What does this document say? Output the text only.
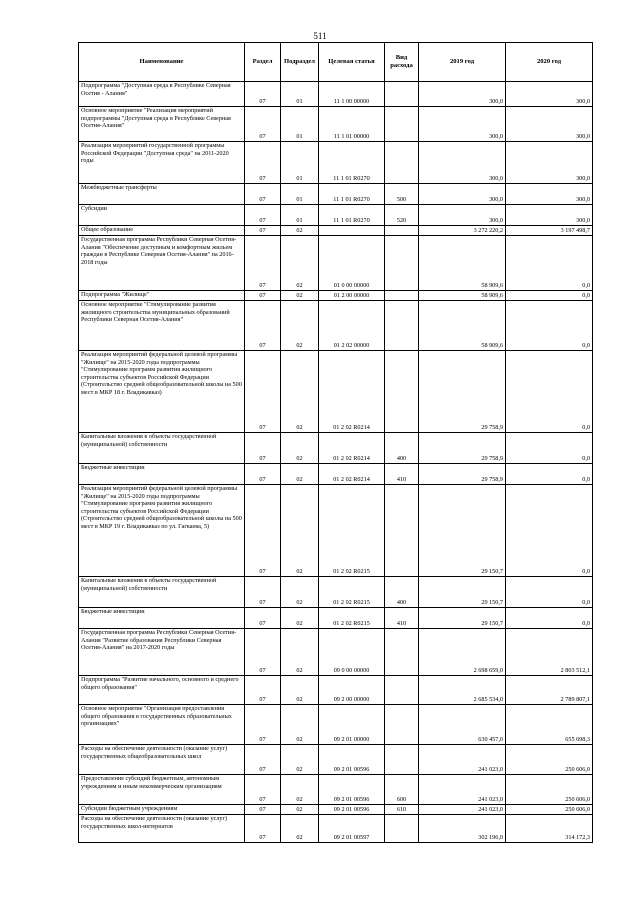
511
Наименование	Раздел	Подраздел	Целевая статья	Вид расхода	2019 год	2020 год
Подпрограмма "Доступная среда в Республике Северная Осетия - Алания"	07	01	11 1 00 00000		300,0	300,0
Основное мероприятие "Реализация мероприятий подпрограммы "Доступная среда в Республике Северная Осетия-Алания"	07	01	11 1 01 00000		300,0	300,0
Реализация мероприятий государственной программы Российской Федерации "Доступная среда" на 2011-2020 годы	07	01	11 1 01 R0270		300,0	300,0
Межбюджетные трансферты	07	01	11 1 01 R0270	500	300,0	300,0
Субсидии	07	01	11 1 01 R0270	520	300,0	300,0
Общее образование	07	02			3 272 220,2	3 197 498,7
Государственная программа Республики Северная Осетия-Алания "Обеспечение доступным и комфортным жильем граждан в Республике Северная Осетия-Алания" на 2016-2018 годы	07	02	01 0 00 00000		58 909,6	0,0
Подпрограмма "Жилище"	07	02	01 2 00 00000		58 909,6	0,0
Основное мероприятие "Стимулирование развития жилищного строительства муниципальных образований Республики Северная Осетия-Алания"	07	02	01 2 02 00000		58 909,6	0,0
Реализация мероприятий федеральной целевой программы "Жилище" на 2015-2020 годы подпрограммы "Стимулирование программ развития жилищного строительства субъектов Российской Федерации (Строительство средней общеобразовательной школы на 500 мест в МКР 18 г. Владикавказ)	07	02	01 2 02 R0214		29 758,9	0,0
Капитальные вложения в объекты государственной (муниципальной) собственности	07	02	01 2 02 R0214	400	29 758,9	0,0
Бюджетные инвестиции	07	02	01 2 02 R0214	410	29 758,9	0,0
Реализация мероприятий федеральной целевой программы "Жилище" на 2015-2020 годы подпрограммы "Стимулирование программ развития жилищного строительства субъектов Российской Федерации (Строительство средней общеобразовательной школы на 500 мест в МКР 19 г. Владикавказ по ул. Гагкаева, 5)	07	02	01 2 02 R0215		29 150,7	0,0
Капитальные вложения в объекты государственной (муниципальной) собственности	07	02	01 2 02 R0215	400	29 150,7	0,0
Бюджетные инвестиции	07	02	01 2 02 R0215	410	29 150,7	0,0
Государственная программа Республики Северная Осетия-Алания "Развитие образования Республики Северная Осетия-Алания" на 2017-2020 годы	07	02	09 0 00 00000		2 698 659,0	2 803 512,1
Подпрограмма "Развитие начального, основного и среднего общего образования"	07	02	09 2 00 00000		2 685 534,0	2 789 807,1
Основное мероприятие "Организация предоставления общего образования в государственных образовательных организациях"	07	02	09 2 01 00000		630 457,0	655 698,3
Расходы на обеспечение деятельности (оказание услуг) государственных общеобразовательных школ	07	02	09 2 01 00596		241 023,0	250 606,0
Предоставление субсидий бюджетным, автономным учреждениям и иным некоммерческим организациям	07	02	09 2 01 00596	600	241 023,0	250 606,0
Субсидии бюджетным учреждениям	07	02	09 2 01 00596	610	241 023,0	250 606,0
Расходы на обеспечение деятельности (оказание услуг) государственных школ-интернатов	07	02	09 2 01 00597		302 196,0	314 172,3
